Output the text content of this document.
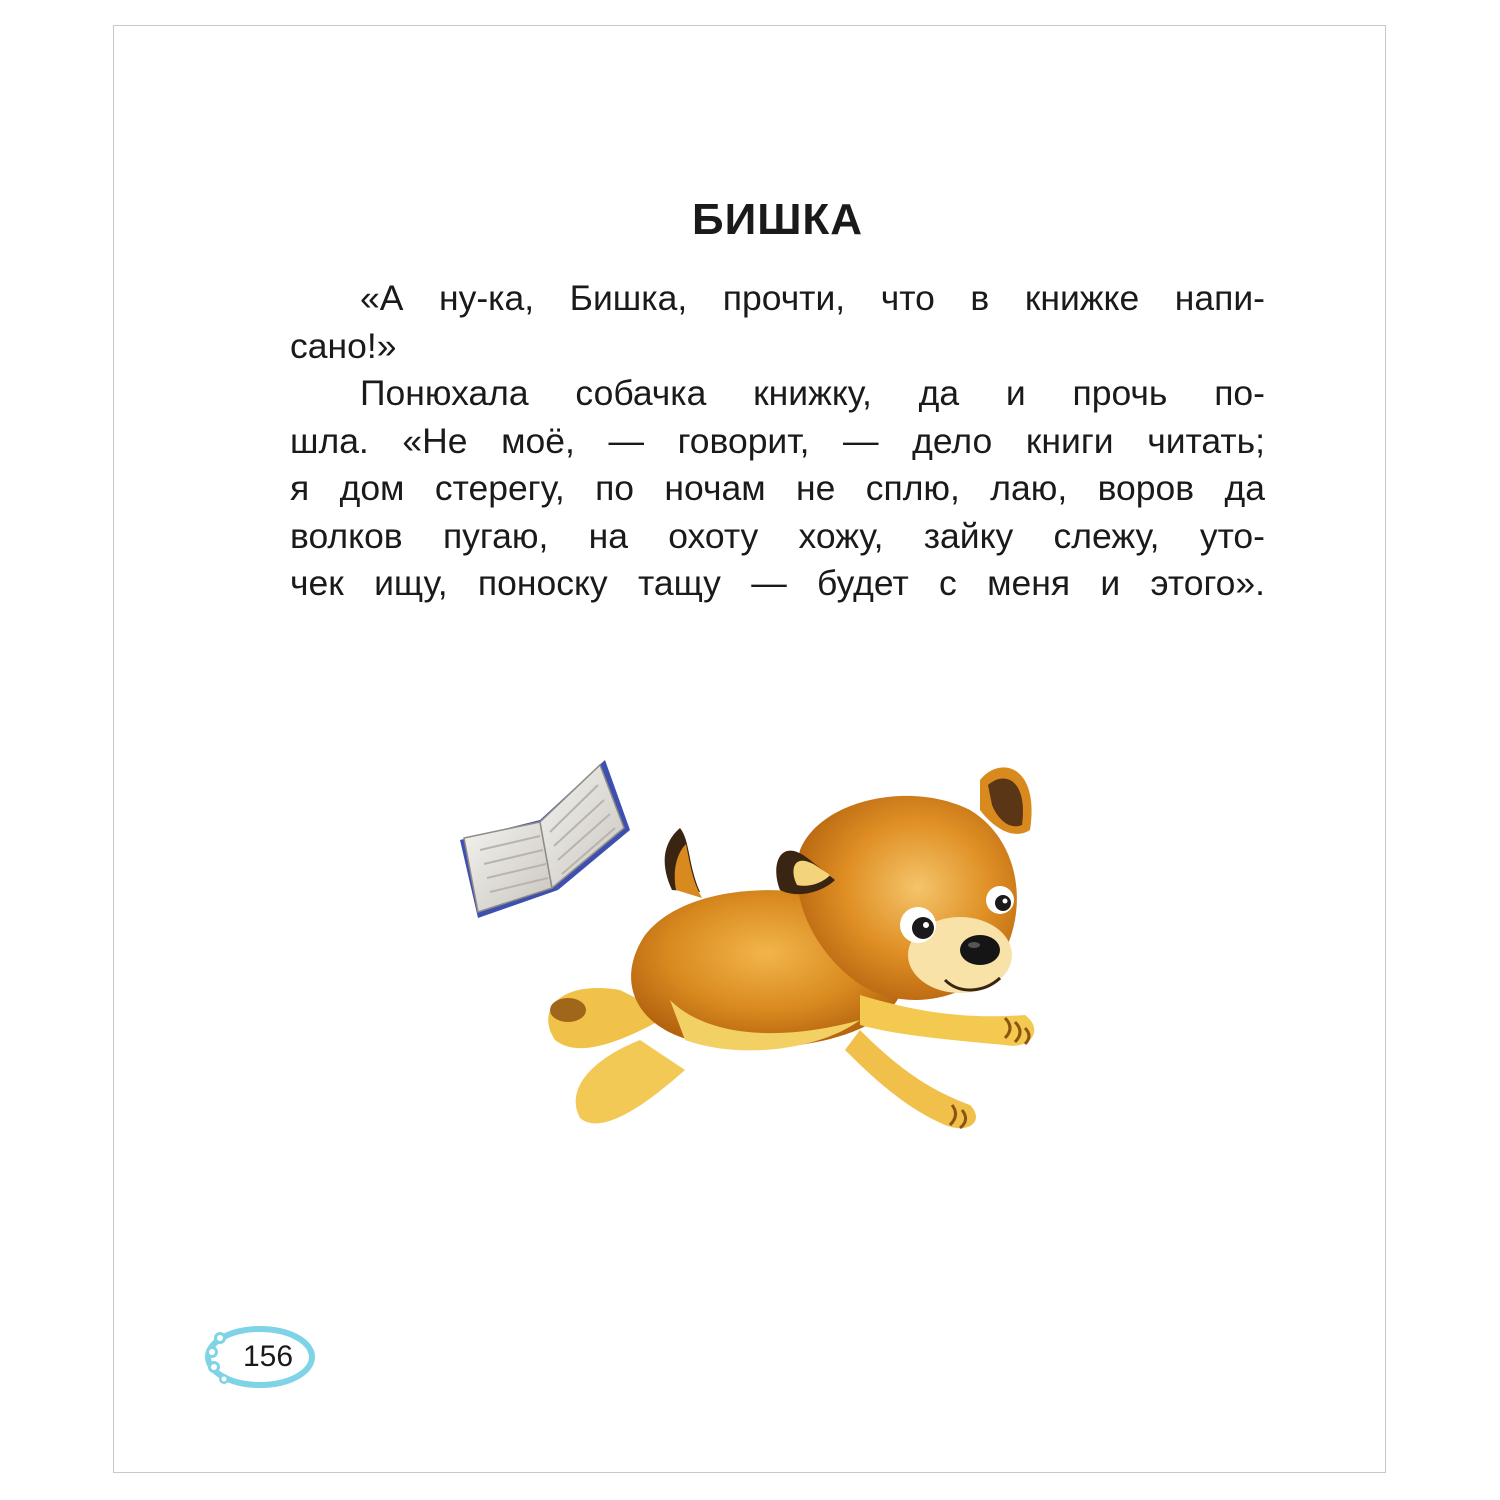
БИШКА
«А ну-ка, Бишка, прочти, что в книжке напи-
сано!»
Понюхала собачка книжку, да и прочь по-
шла. «Не моё, — говорит, — дело книги читать;
я дом стерегу, по ночам не сплю, лаю, воров да
волков пугаю, на охоту хожу, зайку слежу, уто-
чек ищу, поноску тащу — будет с меня и этого».
156
